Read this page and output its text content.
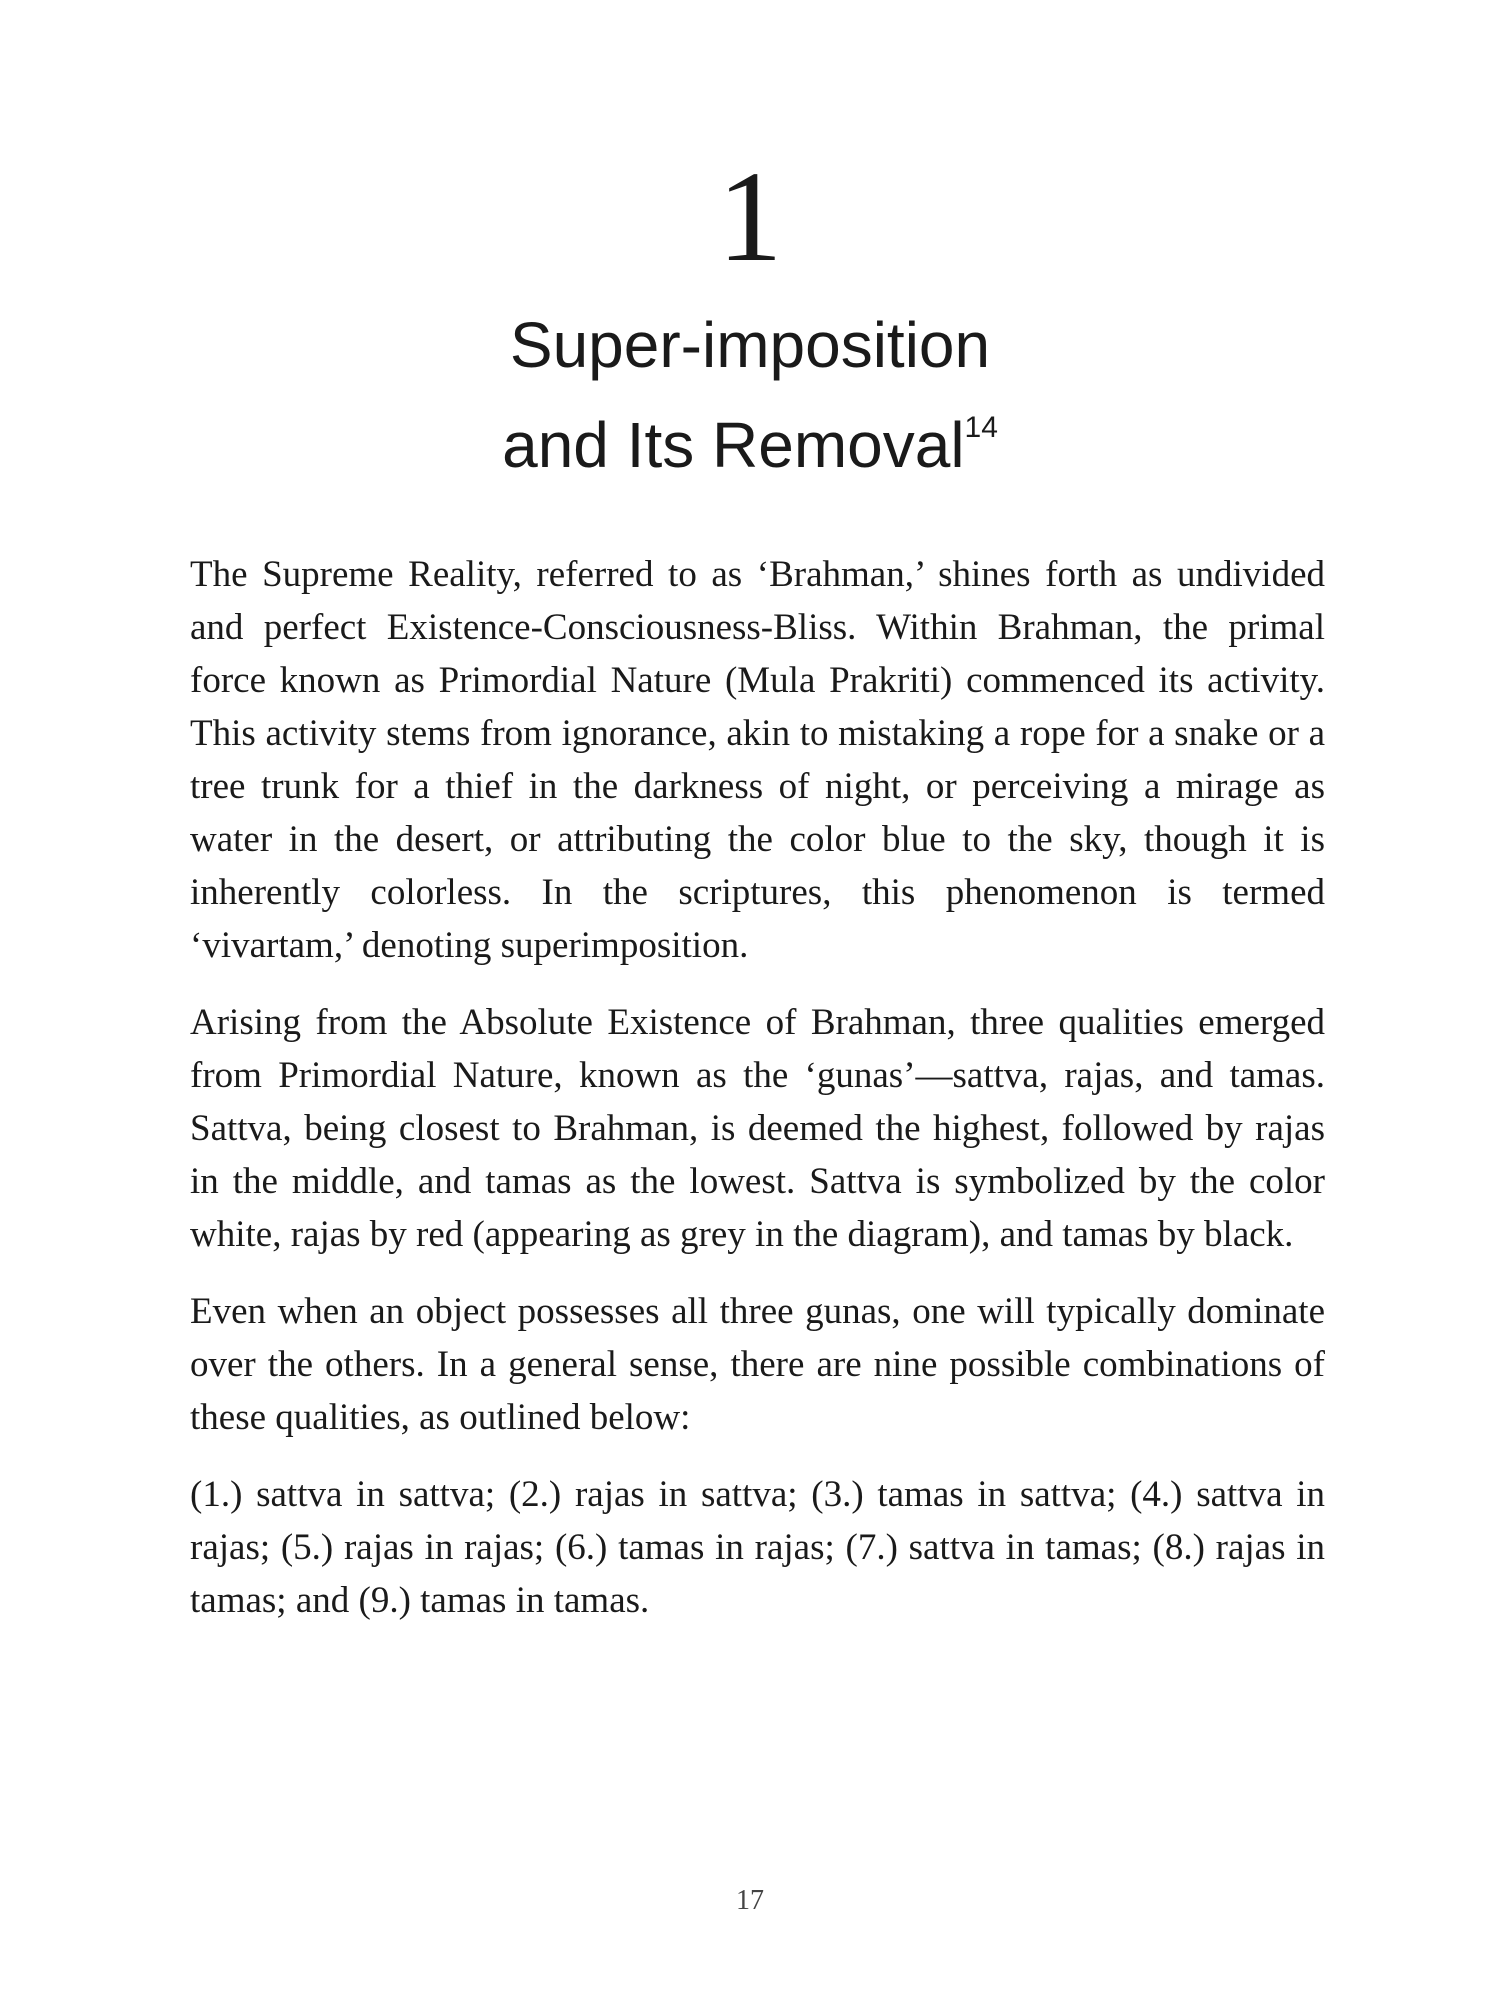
1
Super-imposition
and Its Removal$^{14}$

The Supreme Reality, referred to as ‘Brahman,’ shines forth as undivided and perfect Existence-Consciousness-Bliss. Within Brahman, the primal force known as Primordial Nature (Mula Prakriti) commenced its activity. This activity stems from ignorance, akin to mistaking a rope for a snake or a tree trunk for a thief in the darkness of night, or perceiving a mirage as water in the desert, or attributing the color blue to the sky, though it is inherently colorless. In the scriptures, this phenomenon is termed ‘vivartam,’ denoting superimposition.

Arising from the Absolute Existence of Brahman, three qualities emerged from Primordial Nature, known as the ‘gunas’—sattva, rajas, and tamas. Sattva, being closest to Brahman, is deemed the highest, followed by rajas in the middle, and tamas as the lowest. Sattva is symbolized by the color white, rajas by red (appearing as grey in the diagram), and tamas by black.

Even when an object possesses all three gunas, one will typically dominate over the others. In a general sense, there are nine possible combinations of these qualities, as outlined below:

(1.) sattva in sattva; (2.) rajas in sattva; (3.) tamas in sattva; (4.) sattva in rajas; (5.) rajas in rajas; (6.) tamas in rajas; (7.) sattva in tamas; (8.) rajas in tamas; and (9.) tamas in tamas.

17
